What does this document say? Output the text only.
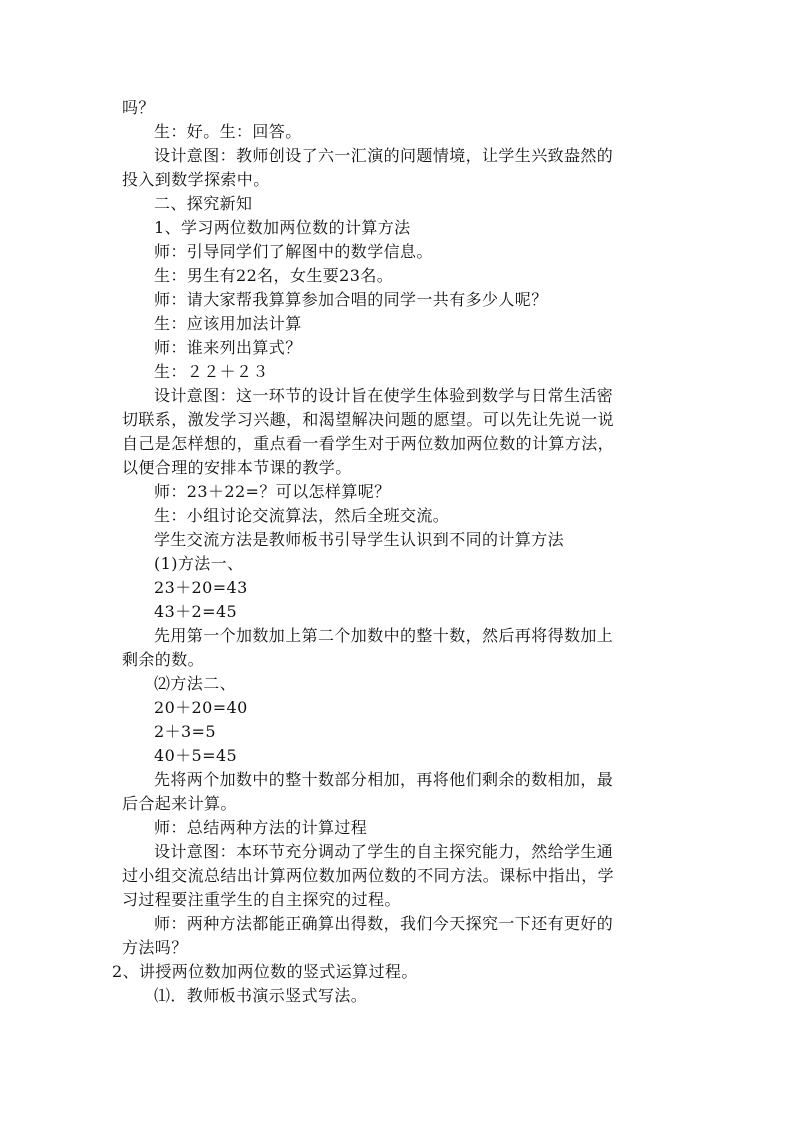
吗？
生：好。生：回答。
设计意图：教师创设了六一汇演的问题情境，让学生兴致盎然的
投入到数学探索中。
二、探究新知
1、学习两位数加两位数的计算方法
师：引导同学们了解图中的数学信息。
生：男生有22名，女生要23名。
师：请大家帮我算算参加合唱的同学一共有多少人呢？
生：应该用加法计算
师：谁来列出算式？
生：２２＋２３
设计意图：这一环节的设计旨在使学生体验到数学与日常生活密
切联系，激发学习兴趣，和渴望解决问题的愿望。可以先让先说一说
自己是怎样想的，重点看一看学生对于两位数加两位数的计算方法，
以便合理的安排本节课的教学。
师：23＋22=？可以怎样算呢？
生：小组讨论交流算法，然后全班交流。
学生交流方法是教师板书引导学生认识到不同的计算方法
(1)方法一、
23＋20=43
43＋2=45
先用第一个加数加上第二个加数中的整十数，然后再将得数加上
剩余的数。
⑵方法二、
20＋20=40
2＋3=5
40＋5=45
先将两个加数中的整十数部分相加，再将他们剩余的数相加，最
后合起来计算。
师：总结两种方法的计算过程
设计意图：本环节充分调动了学生的自主探究能力，然给学生通
过小组交流总结出计算两位数加两位数的不同方法。课标中指出，学
习过程要注重学生的自主探究的过程。
师：两种方法都能正确算出得数，我们今天探究一下还有更好的
方法吗？
2、讲授两位数加两位数的竖式运算过程。
⑴．教师板书演示竖式写法。
